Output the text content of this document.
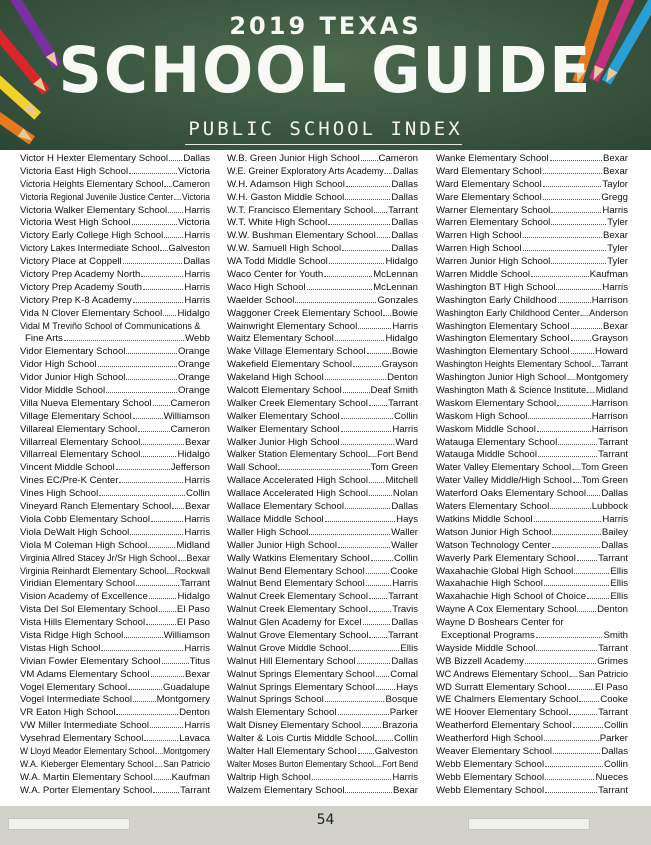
2019 TEXAS
SCHOOL GUIDE
PUBLIC SCHOOL INDEX
Victor H Hexter Elementary School Dallas
Victoria East High School	Victoria
Victoria Heights Elementary School Cameron
Victoria Regional Juvenile Justice Center Victoria
Victoria Walker Elementary School Harris
Victoria West High School	Victoria
Victory Early College High School Harris
Victory Lakes Intermediate School Galveston
Victory Place at Coppell	Dallas
Victory Prep Academy North	Harris
Victory Prep Academy South	Harris
Victory Prep K-8 Academy	Harris
Vida N Clover Elementary School Hidalgo
Vidal M Treviño School of Communications &
Fine Arts	Webb
Vidor Elementary School	Orange
Vidor High School	Orange
Vidor Junior High School	Orange
Vidor Middle School	Orange
Villa Nueva Elementary School Cameron
Village Elementary School	Williamson
Villareal Elementary School	Cameron
Villarreal Elementary School	Bexar
Villarreal Elementary School	Hidalgo
Vincent Middle School	Jefferson
Vines EC/Pre-K Center	Harris
Vines High School	Collin
Vineyard Ranch Elementary School Bexar
Viola Cobb Elementary School	Harris
Viola DeWalt High School	Harris
Viola M Coleman High School	Midland
Virginia Allred Stacey Jr/Sr High School Bexar
Virginia Reinhardt Elementary School Rockwall
Viridian Elementary School	Tarrant
Vision Academy of Excellence	Hidalgo
Vista Del Sol Elementary School El Paso
Vista Hills Elementary School	El Paso
Vista Ridge High School	Williamson
Vistas High School	Harris
Vivian Fowler Elementary School	Titus
VM Adams Elementary School	Bexar
Vogel Elementary School	Guadalupe
Vogel Intermediate School	Montgomery
VR Eaton High School	Denton
VW Miller Intermediate School	Harris
Vysehrad Elementary School	Lavaca
W Lloyd Meador Elementary School Montgomery
W.A. Kieberger Elementary School San Patricio
W.A. Martin Elementary School Kaufman
W.A. Porter Elementary School	Tarrant
W.B. Green Junior High School Cameron
W.E. Greiner Exploratory Arts Academy Dallas
W.H. Adamson High School	Dallas
W.H. Gaston Middle School	Dallas
W.T. Francisco Elementary School Tarrant
W.T. White High School	Dallas
W.W. Bushman Elementary School Dallas
W.W. Samuell High School	Dallas
WA Todd Middle School	Hidalgo
Waco Center for Youth	McLennan
Waco High School	McLennan
Waelder School	Gonzales
Waggoner Creek Elementary School Bowie
Wainwright Elementary School	Harris
Waitz Elementary School	Hidalgo
Wake Village Elementary School	Bowie
Wakefield Elementary School	Grayson
Wakeland High School	Denton
Walcott Elementary School	Deaf Smith
Walker Creek Elementary School Tarrant
Walker Elementary School	Collin
Walker Elementary School	Harris
Walker Junior High School	Ward
Walker Station Elementary School Fort Bend
Wall School	Tom Green
Wallace Accelerated High School Mitchell
Wallace Accelerated High School	Nolan
Wallace Elementary School	Dallas
Wallace Middle School	Hays
Waller High School	Waller
Waller Junior High School	Waller
Wally Watkins Elementary School	Collin
Walnut Bend Elementary School	Cooke
Walnut Bend Elementary School	Harris
Walnut Creek Elementary School Tarrant
Walnut Creek Elementary School	Travis
Walnut Glen Academy for Excel	Dallas
Walnut Grove Elementary School Tarrant
Walnut Grove Middle School	Ellis
Walnut Hill Elementary School	Dallas
Walnut Springs Elementary School Comal
Walnut Springs Elementary School Hays
Walnut Springs School	Bosque
Walsh Elementary School	Parker
Walt Disney Elementary School Brazoria
Walter & Lois Curtis Middle School Collin
Walter Hall Elementary School Galveston
Walter Moses Burton Elementary School Fort Bend
Waltrip High School	Harris
Walzem Elementary School	Bexar
Wanke Elementary School	Bexar
Ward Elementary School	Bexar
Ward Elementary School	Taylor
Ware Elementary School	Gregg
Warner Elementary School	Harris
Warren Elementary School	Tyler
Warren High School	Bexar
Warren High School	Tyler
Warren Junior High School	Tyler
Warren Middle School	Kaufman
Washington BT High School	Harris
Washington Early Childhood	Harrison
Washington Early Childhood Center Anderson
Washington Elementary School	Bexar
Washington Elementary School Grayson
Washington Elementary School	Howard
Washington Heights Elementary School Tarrant
Washington Junior High School Montgomery
Washington Math & Science Institute Midland
Waskom Elementary School	Harrison
Waskom High School	Harrison
Waskom Middle School	Harrison
Watauga Elementary School	Tarrant
Watauga Middle School	Tarrant
Water Valley Elementary School Tom Green
Water Valley Middle/High School Tom Green
Waterford Oaks Elementary School Dallas
Waters Elementary School	Lubbock
Watkins Middle School	Harris
Watson Junior High School	Bailey
Watson Technology Center	Dallas
Waverly Park Elementary School Tarrant
Waxahachie Global High School	Ellis
Waxahachie High School	Ellis
Waxahachie High School of Choice	Ellis
Wayne A Cox Elementary School Denton
Wayne D Boshears Center for
Exceptional Programs	Smith
Wayside Middle School	Tarrant
WB Bizzell Academy	Grimes
WC Andrews Elementary School San Patricio
WD Surratt Elementary School	El Paso
WE Chalmers Elementary School Cooke
WE Hoover Elementary School	Tarrant
Weatherford Elementary School	Collin
Weatherford High School	Parker
Weaver Elementary School	Dallas
Webb Elementary School	Collin
Webb Elementary School	Nueces
Webb Elementary School	Tarrant
54
